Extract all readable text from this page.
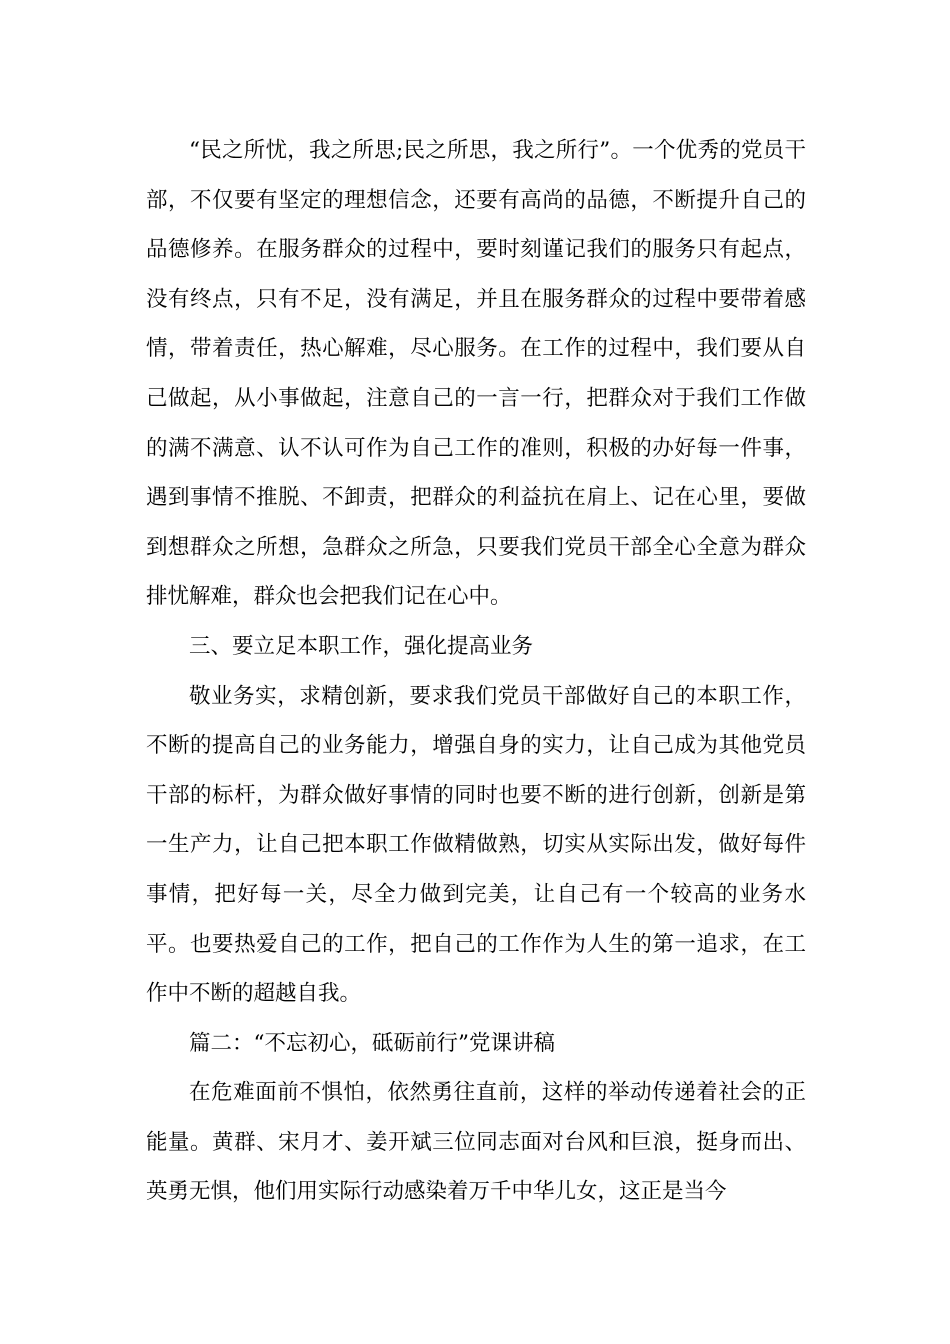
“民之所忧，我之所思;民之所思，我之所行”。一个优秀的党员干部，不仅要有坚定的理想信念，还要有高尚的品德，不断提升自己的品德修养。在服务群众的过程中，要时刻谨记我们的服务只有起点，没有终点，只有不足，没有满足，并且在服务群众的过程中要带着感情，带着责任，热心解难，尽心服务。在工作的过程中，我们要从自己做起，从小事做起，注意自己的一言一行，把群众对于我们工作做的满不满意、认不认可作为自己工作的准则，积极的办好每一件事，遇到事情不推脱、不卸责，把群众的利益抗在肩上、记在心里，要做到想群众之所想，急群众之所急，只要我们党员干部全心全意为群众排忧解难，群众也会把我们记在心中。

三、要立足本职工作，强化提高业务

敬业务实，求精创新，要求我们党员干部做好自己的本职工作，不断的提高自己的业务能力，增强自身的实力，让自己成为其他党员干部的标杆，为群众做好事情的同时也要不断的进行创新，创新是第一生产力，让自己把本职工作做精做熟，切实从实际出发，做好每件事情，把好每一关，尽全力做到完美，让自己有一个较高的业务水平。也要热爱自己的工作，把自己的工作作为人生的第一追求，在工作中不断的超越自我。

篇二：“不忘初心，砥砺前行”党课讲稿

在危难面前不惧怕，依然勇往直前，这样的举动传递着社会的正能量。黄群、宋月才、姜开斌三位同志面对台风和巨浪，挺身而出、英勇无惧，他们用实际行动感染着万千中华儿女，这正是当今
